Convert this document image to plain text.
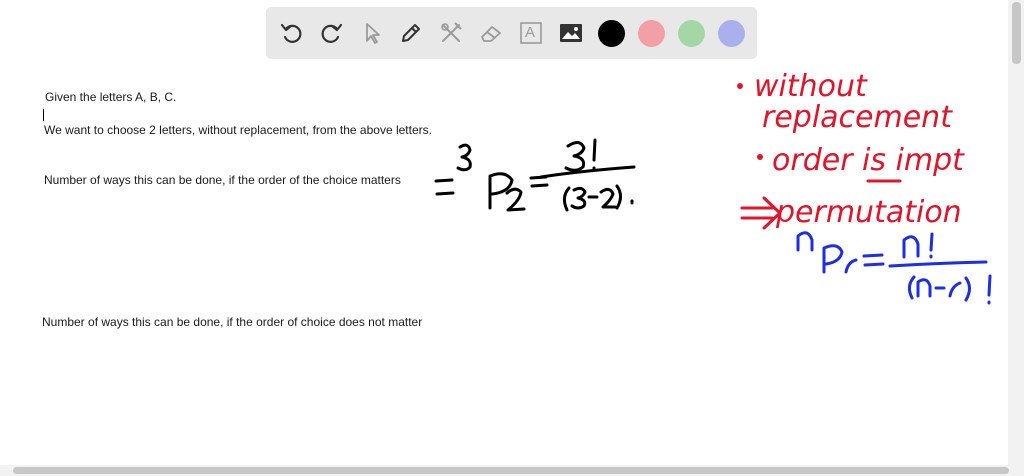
A
Given the letters A, B, C.
We want to choose 2 letters, without replacement, from the above letters.
Number of ways this can be done, if the order of the choice matters
Number of ways this can be done, if the order of choice does not matter
without
replacement
order is impt
permutation
